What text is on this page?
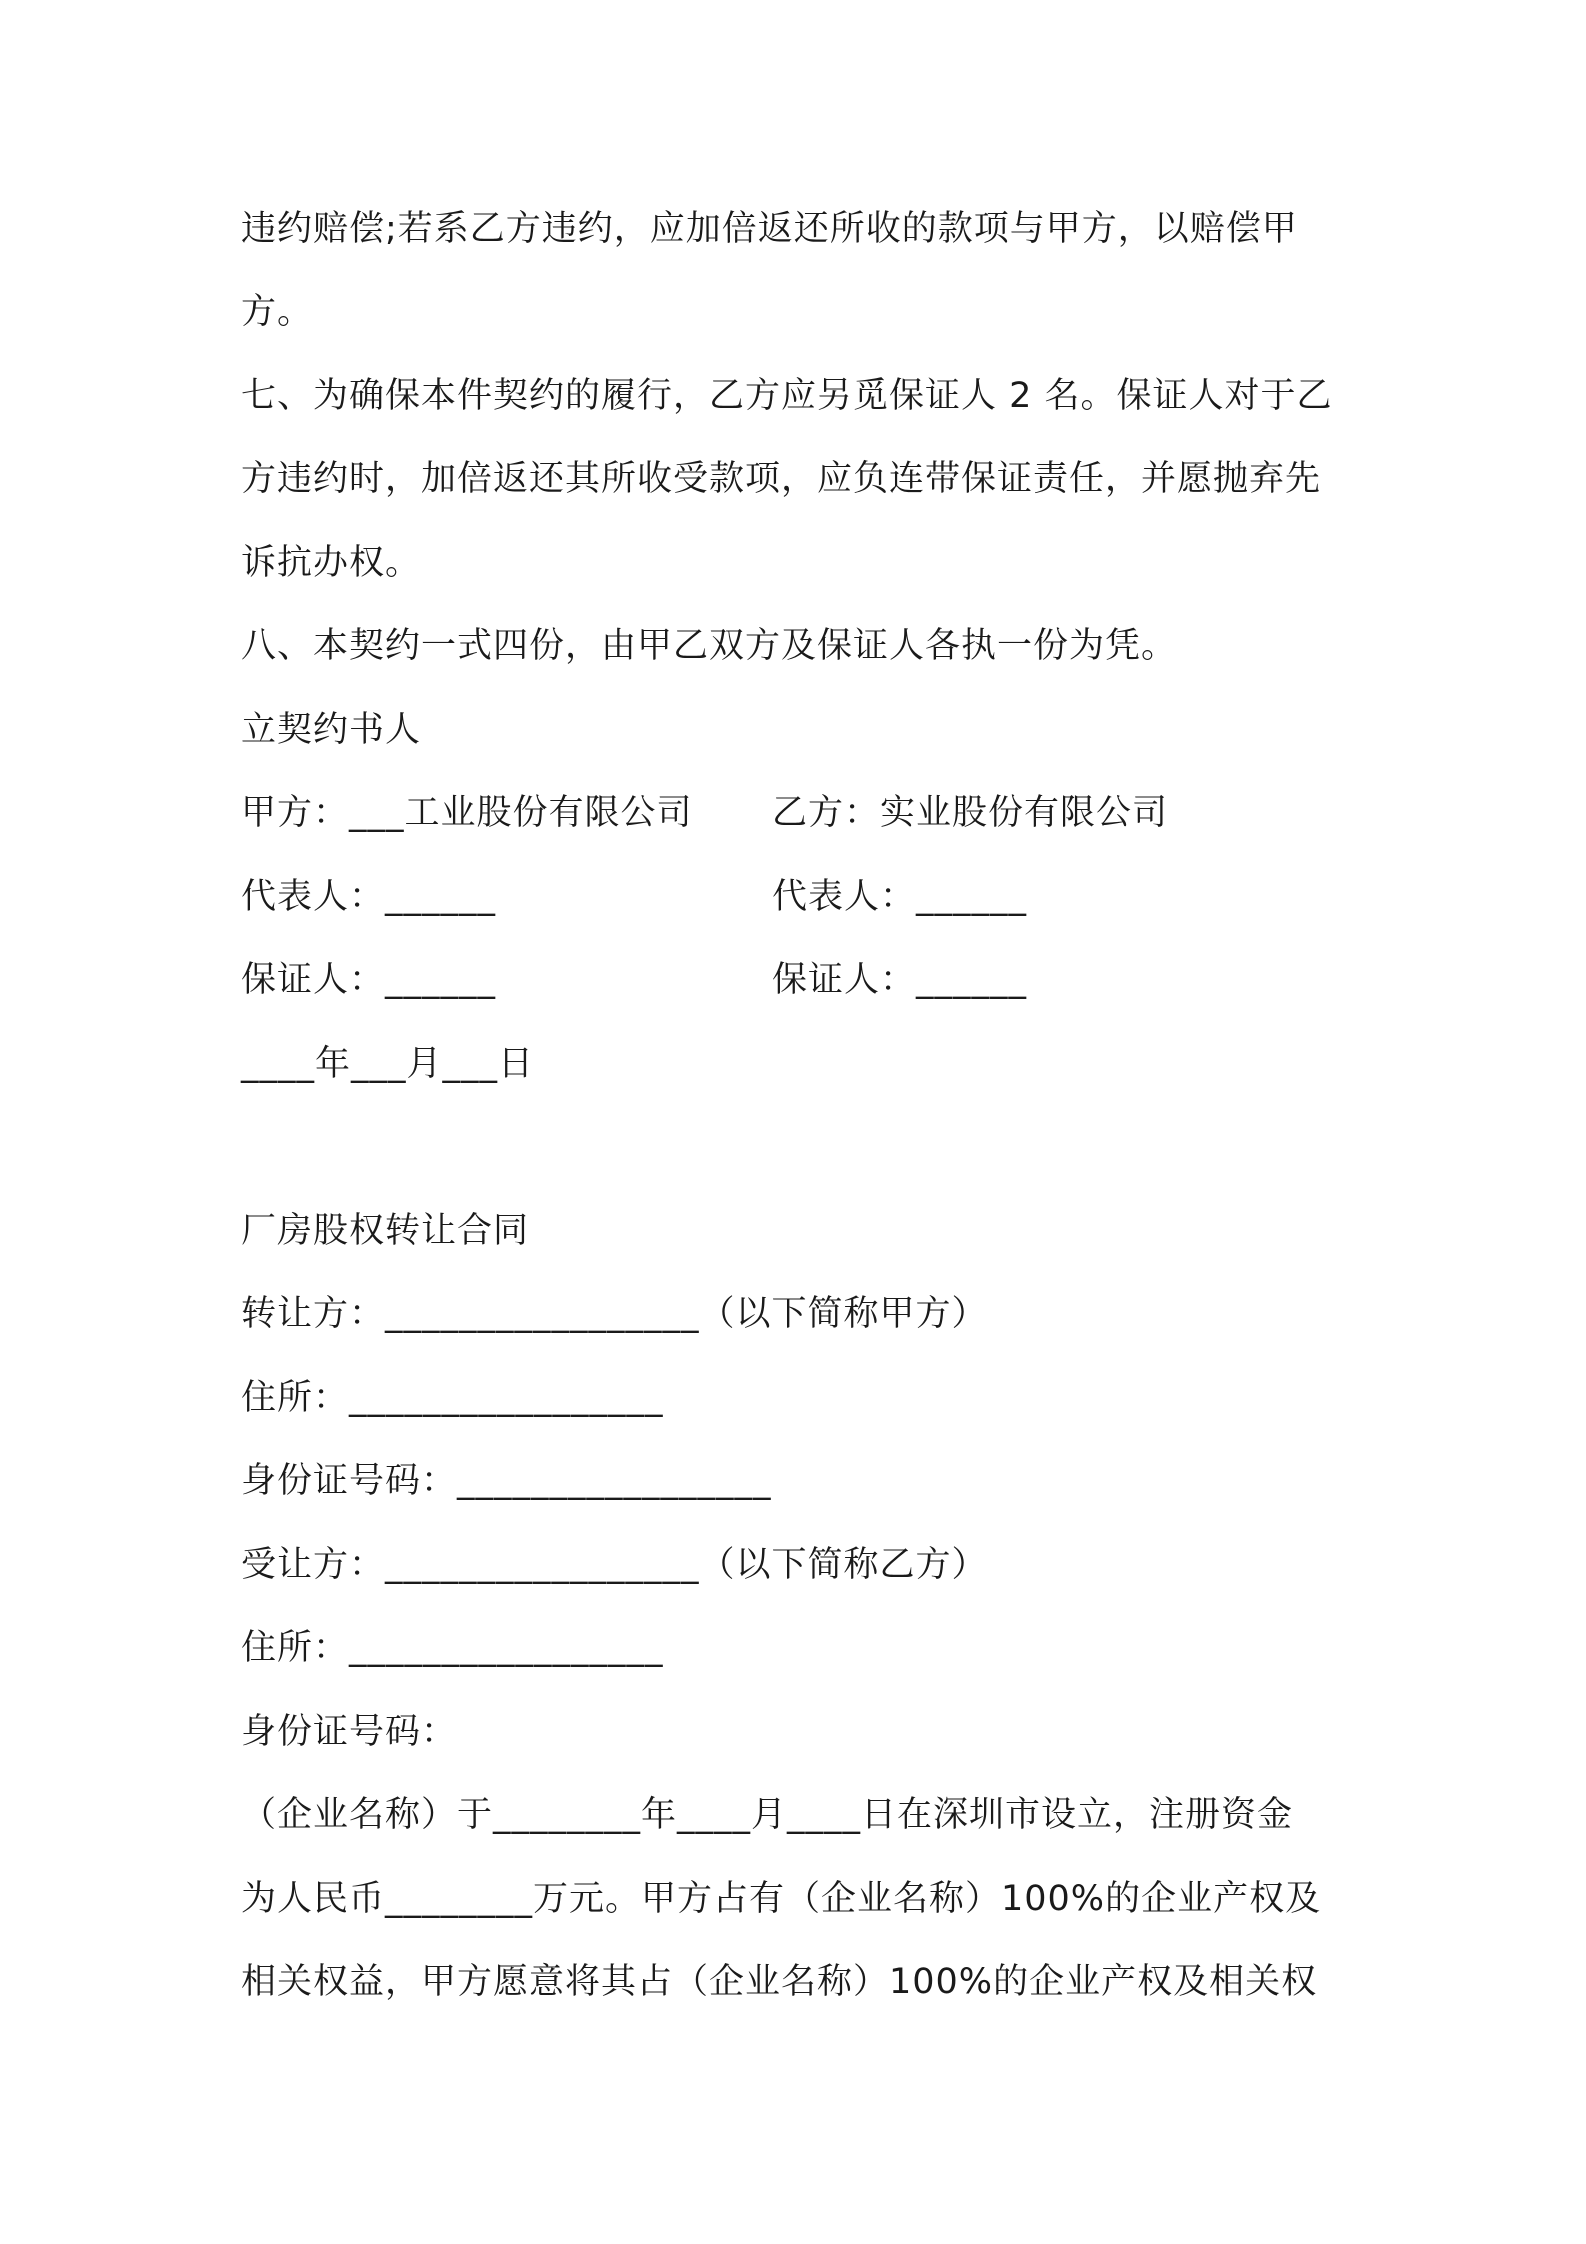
违约赔偿;若系乙方违约，应加倍返还所收的款项与甲方，以赔偿甲
方。
七、为确保本件契约的履行，乙方应另觅保证人 2 名。保证人对于乙
方违约时，加倍返还其所收受款项，应负连带保证责任，并愿抛弃先
诉抗办权。
八、本契约一式四份，由甲乙双方及保证人各执一份为凭。
立契约书人
甲方：___工业股份有限公司 乙方：实业股份有限公司
代表人：______	代表人：______
保证人：______	保证人：______
____年___月___日
厂房股权转让合同
转让方：_________________（以下简称甲方）
住所：_________________
身份证号码：_________________
受让方：_________________（以下简称乙方）
住所：_________________
身份证号码：
（企业名称）于________年____月____日在深圳市设立，注册资金
为人民币________万元。甲方占有（企业名称）100%的企业产权及
相关权益，甲方愿意将其占（企业名称）100%的企业产权及相关权
